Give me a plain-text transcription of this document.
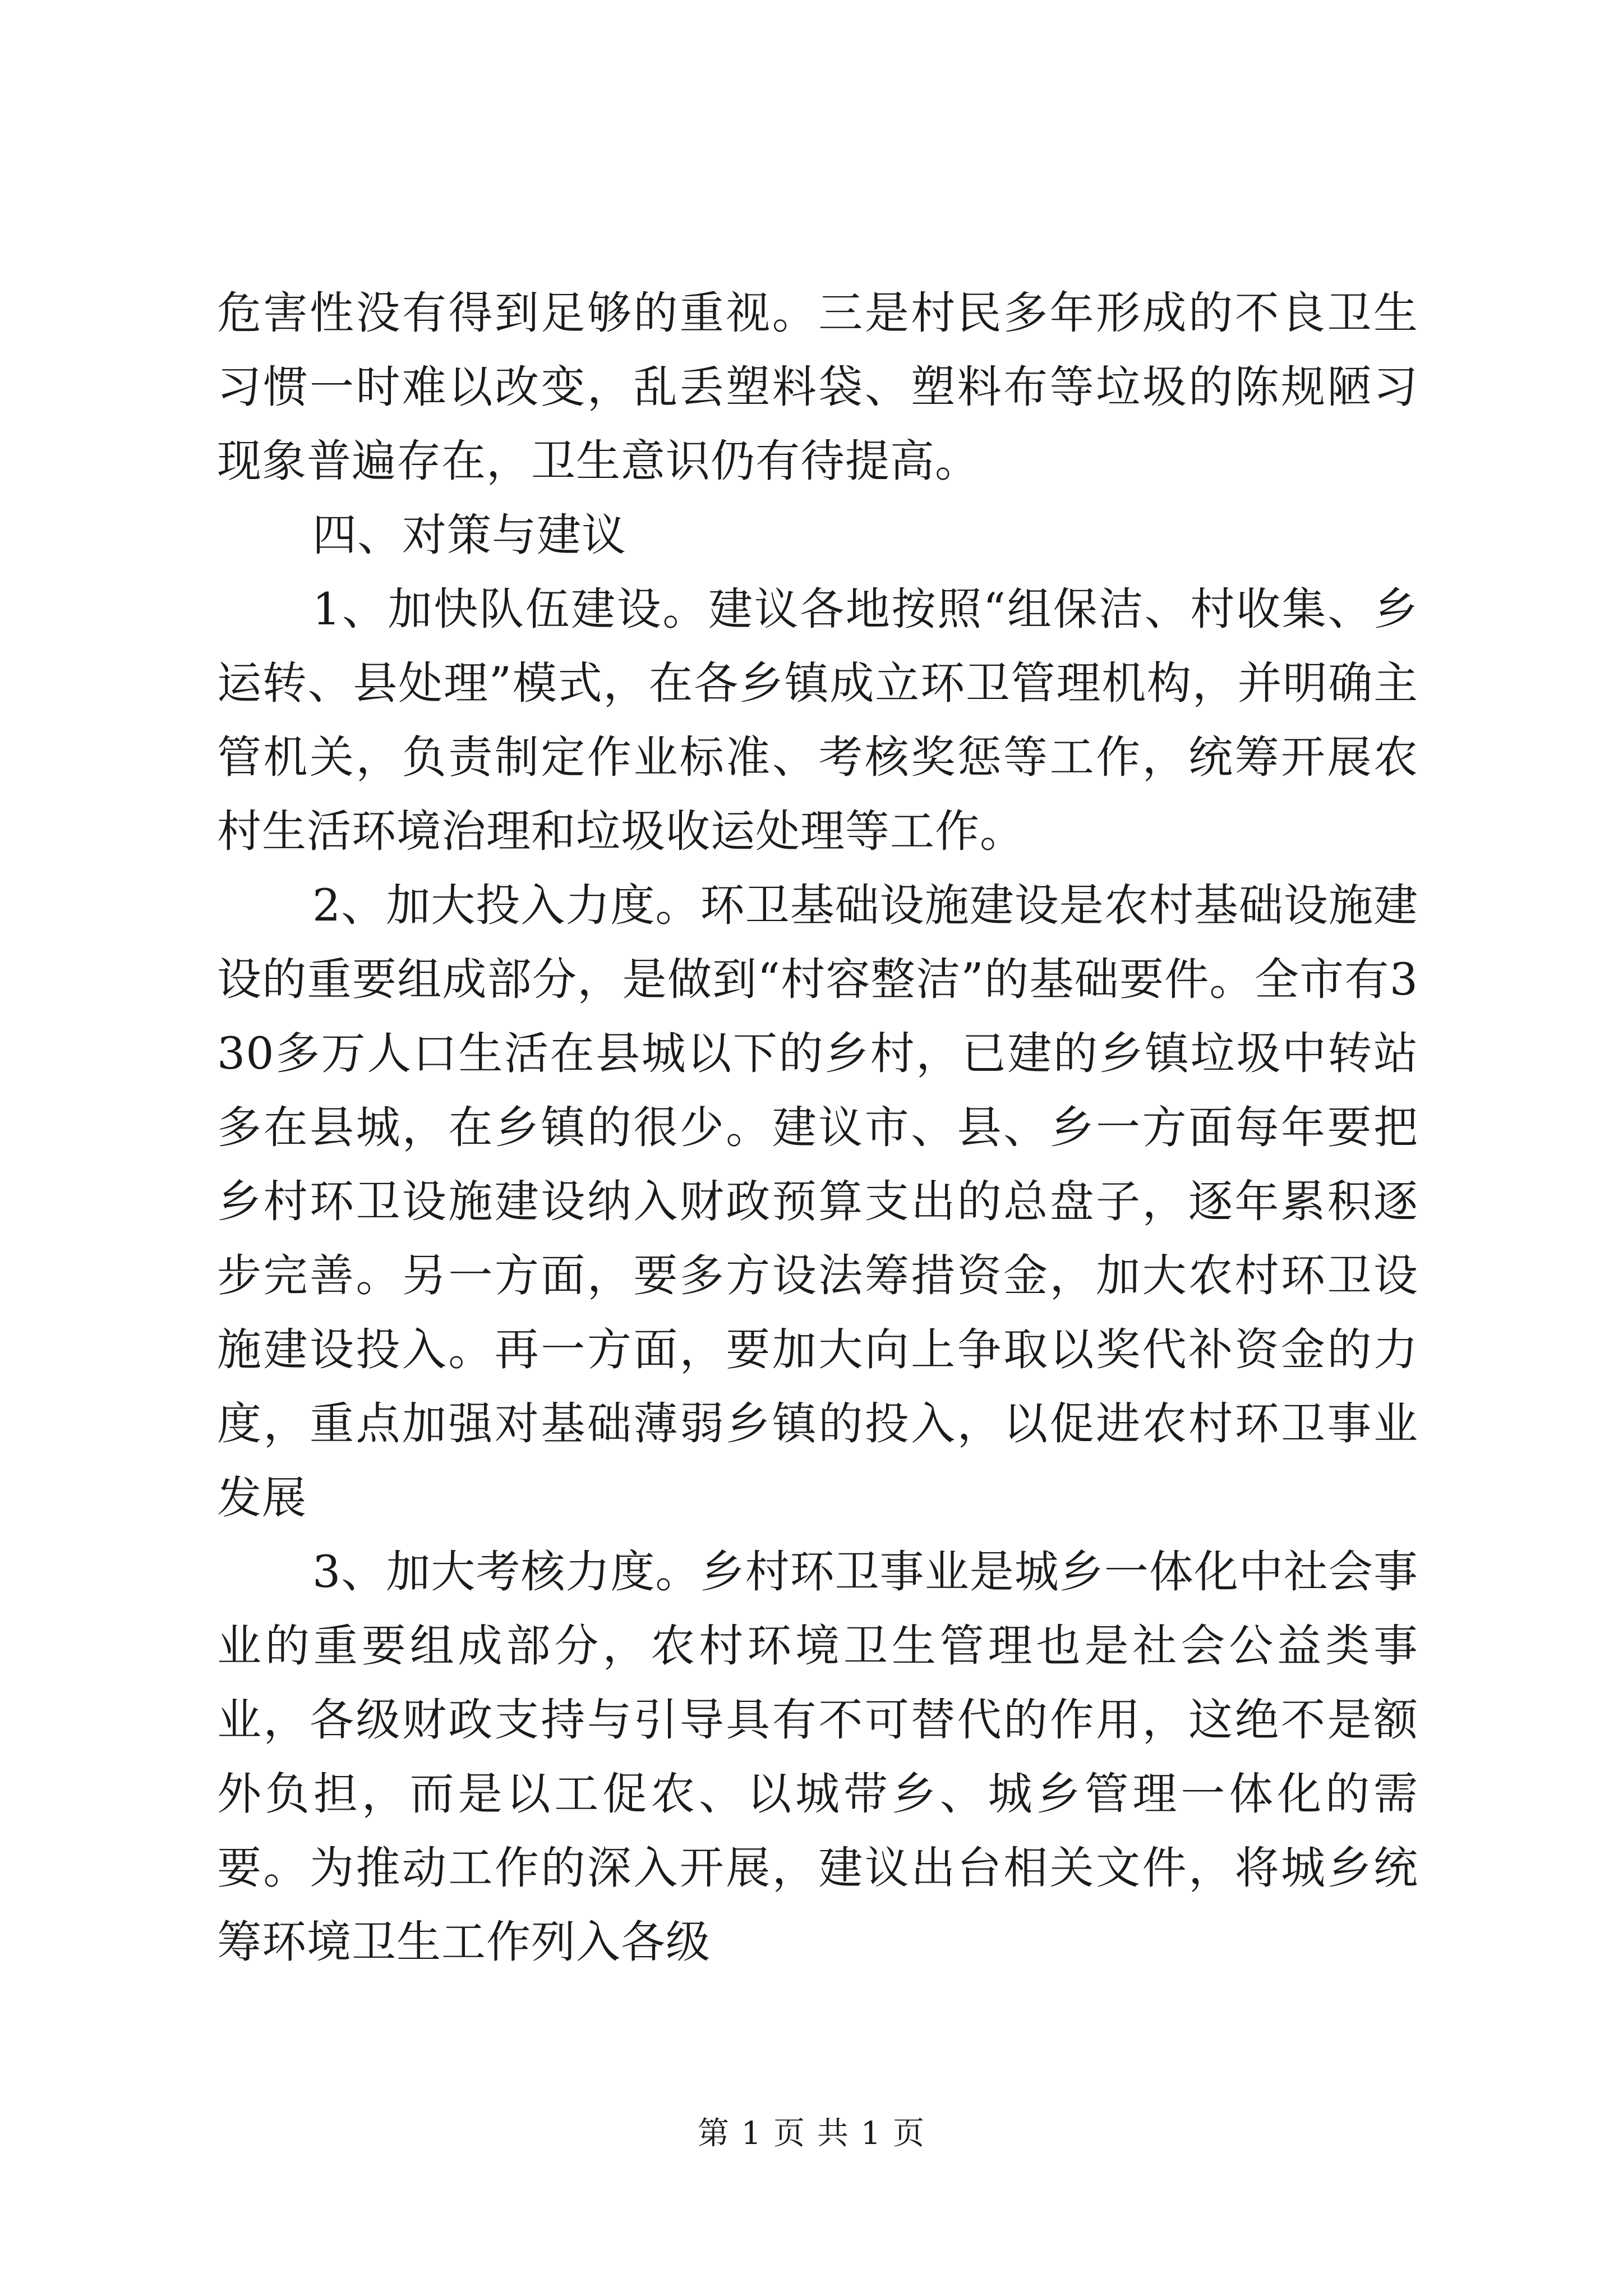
危害性没有得到足够的重视。三是村民多年形成的不良卫生习惯一时难以改变，乱丢塑料袋、塑料布等垃圾的陈规陋习现象普遍存在，卫生意识仍有待提高。

四、对策与建议

1、加快队伍建设。建议各地按照“组保洁、村收集、乡运转、县处理”模式，在各乡镇成立环卫管理机构，并明确主管机关，负责制定作业标准、考核奖惩等工作，统筹开展农村生活环境治理和垃圾收运处理等工作。

2、加大投入力度。环卫基础设施建设是农村基础设施建设的重要组成部分，是做到“村容整洁”的基础要件。全市有330多万人口生活在县城以下的乡村，已建的乡镇垃圾中转站多在县城，在乡镇的很少。建议市、县、乡一方面每年要把乡村环卫设施建设纳入财政预算支出的总盘子，逐年累积逐步完善。另一方面，要多方设法筹措资金，加大农村环卫设施建设投入。再一方面，要加大向上争取以奖代补资金的力度，重点加强对基础薄弱乡镇的投入，以促进农村环卫事业发展

3、加大考核力度。乡村环卫事业是城乡一体化中社会事业的重要组成部分，农村环境卫生管理也是社会公益类事业，各级财政支持与引导具有不可替代的作用，这绝不是额外负担，而是以工促农、以城带乡、城乡管理一体化的需要。为推动工作的深入开展，建议出台相关文件，将城乡统筹环境卫生工作列入各级

第 1 页 共 1 页
